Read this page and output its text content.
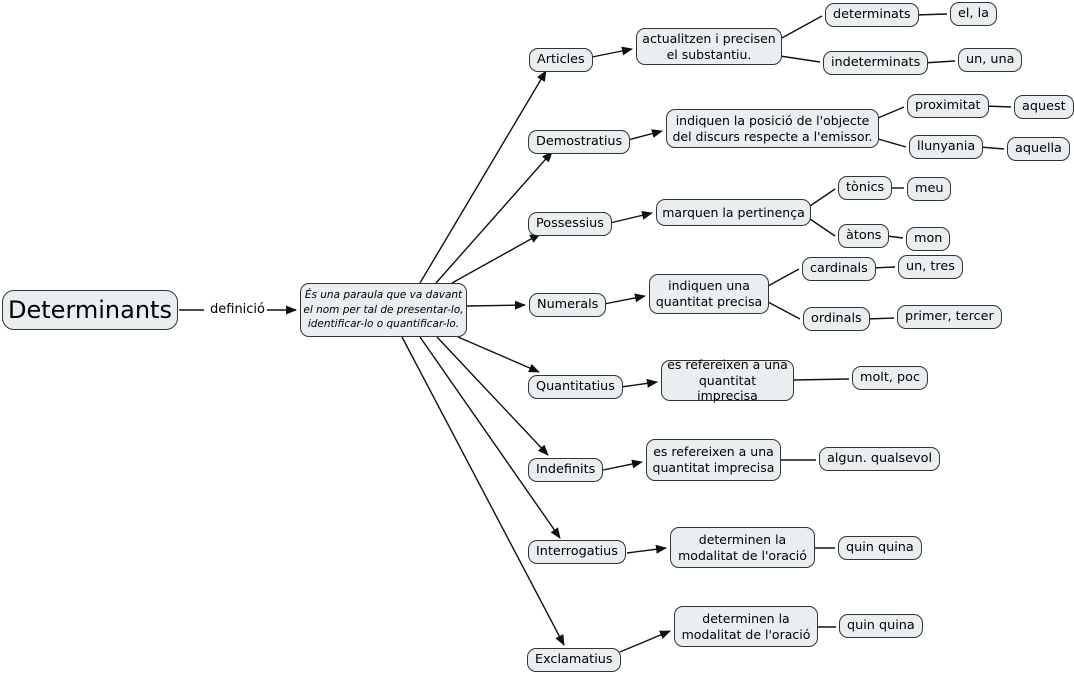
Determinants	definició
És una paraula que va davant
el nom per tal de presentar-lo,
identificar-lo o quantificar-lo.
Articles
Demostratius
Possessius
Numerals
Quantitatius
Indefinits
Interrogatius
Exclamatius
actualitzen i precisen el substantiu.
indiquen la posició de l'objecte del discurs respecte a l'emissor.
marquen la pertinença
indiquen una quantitat precisa
es refereixen a una quantitat imprecisa
es refereixen a una quantitat imprecisa
determinen la modalitat de l'oració
determinen la modalitat de l'oració
determinats
indeterminats
proximitat
llunyania
tònics
àtons
cardinals
ordinals
el, la
un, una
aquest
aquella
meu
mon
un, tres
primer, tercer
molt, poc
algun. qualsevol
quin quina
quin quina
